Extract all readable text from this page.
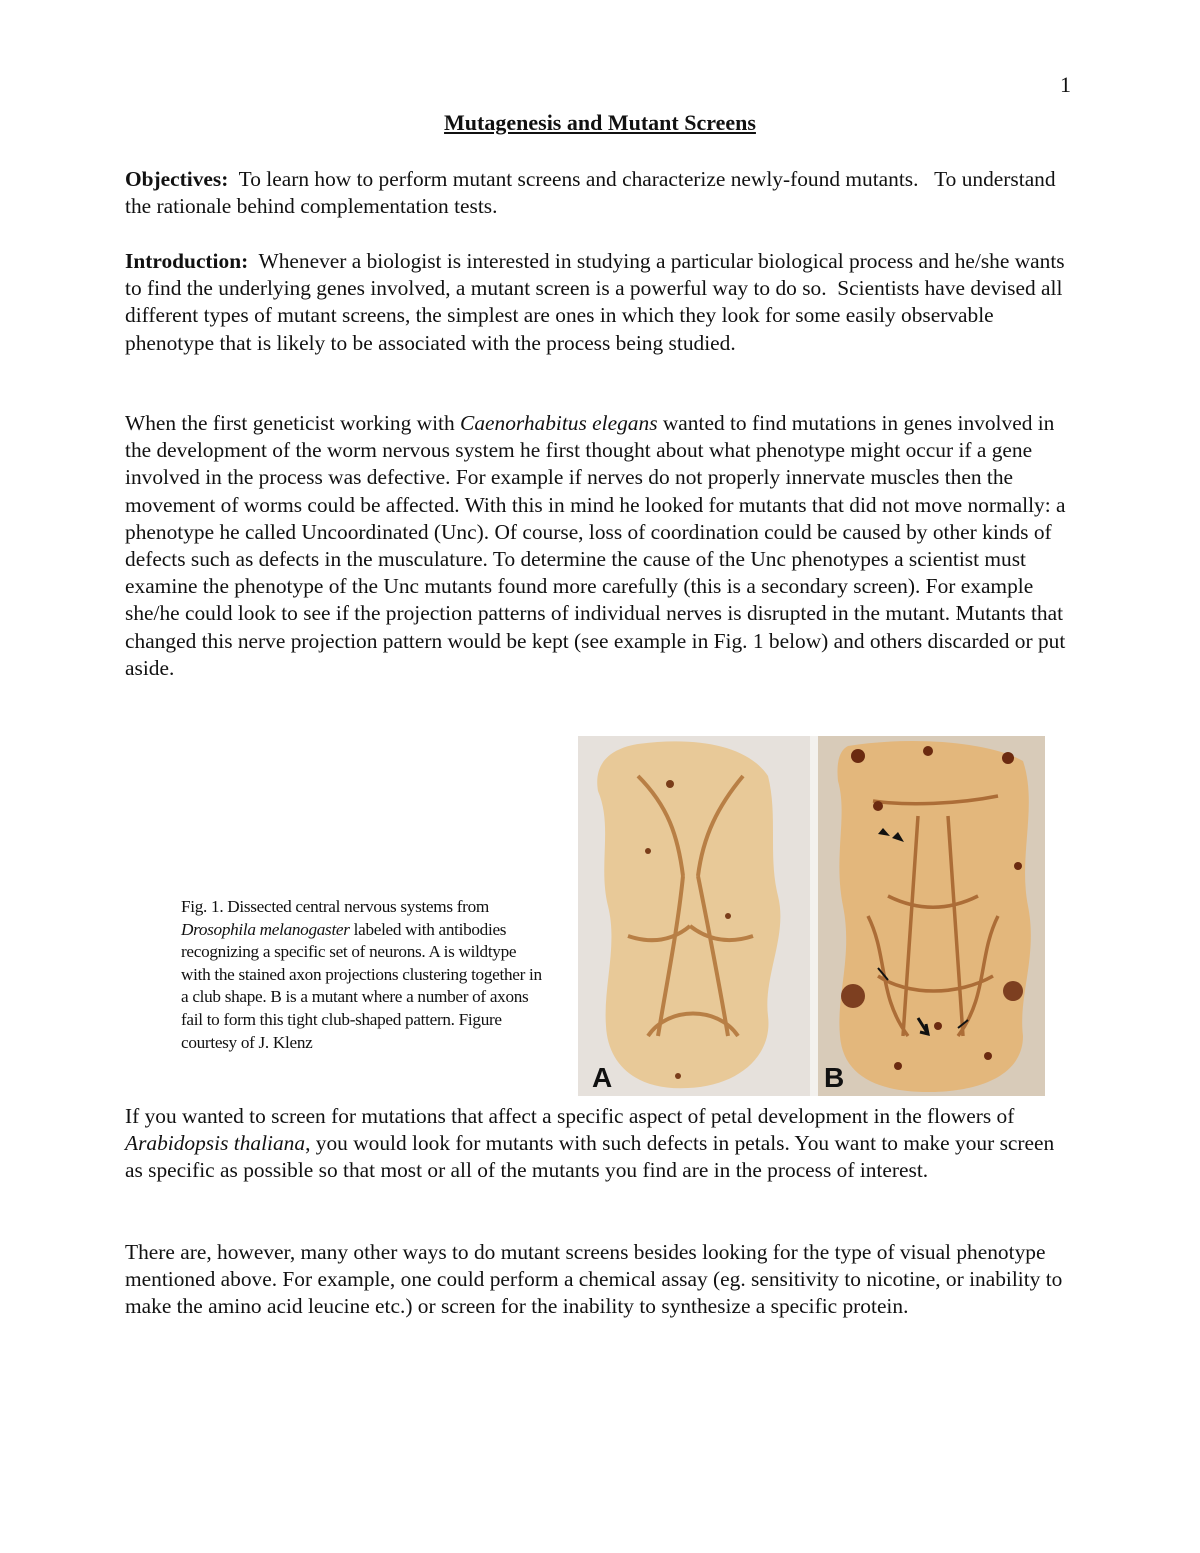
1
Mutagenesis and Mutant Screens

Objectives:  To learn how to perform mutant screens and characterize newly-found mutants.   To understand the rationale behind complementation tests.

Introduction:  Whenever a biologist is interested in studying a particular biological process and he/she wants to find the underlying genes involved, a mutant screen is a powerful way to do so.  Scientists have devised all different types of mutant screens, the simplest are ones in which they look for some easily observable phenotype that is likely to be associated with the process being studied.

When the first geneticist working with Caenorhabitus elegans wanted to find mutations in genes involved in the development of the worm nervous system he first thought about what phenotype might occur if a gene involved in the process was defective. For example if nerves do not properly innervate muscles then the movement of worms could be affected. With this in mind he looked for mutants that did not move normally: a phenotype he called Uncoordinated (Unc). Of course, loss of coordination could be caused by other kinds of defects such as defects in the musculature. To determine the cause of the Unc phenotypes a scientist must examine the phenotype of the Unc mutants found more carefully (this is a secondary screen). For example she/he could look to see if the projection patterns of individual nerves is disrupted in the mutant. Mutants that changed this nerve projection pattern would be kept (see example in Fig. 1 below) and others discarded or put aside.

Fig. 1. Dissected central nervous systems from Drosophila melanogaster labeled with antibodies recognizing a specific set of neurons. A is wildtype with the stained axon projections clustering together in a club shape. B is a mutant where a number of axons fail to form this tight club-shaped pattern. Figure courtesy of J. Klenz
A	B

If you wanted to screen for mutations that affect a specific aspect of petal development in the flowers of Arabidopsis thaliana, you would look for mutants with such defects in petals. You want to make your screen as specific as possible so that most or all of the mutants you find are in the process of interest.

There are, however, many other ways to do mutant screens besides looking for the type of visual phenotype mentioned above. For example, one could perform a chemical assay (eg. sensitivity to nicotine, or inability to make the amino acid leucine etc.) or screen for the inability to synthesize a specific protein.
